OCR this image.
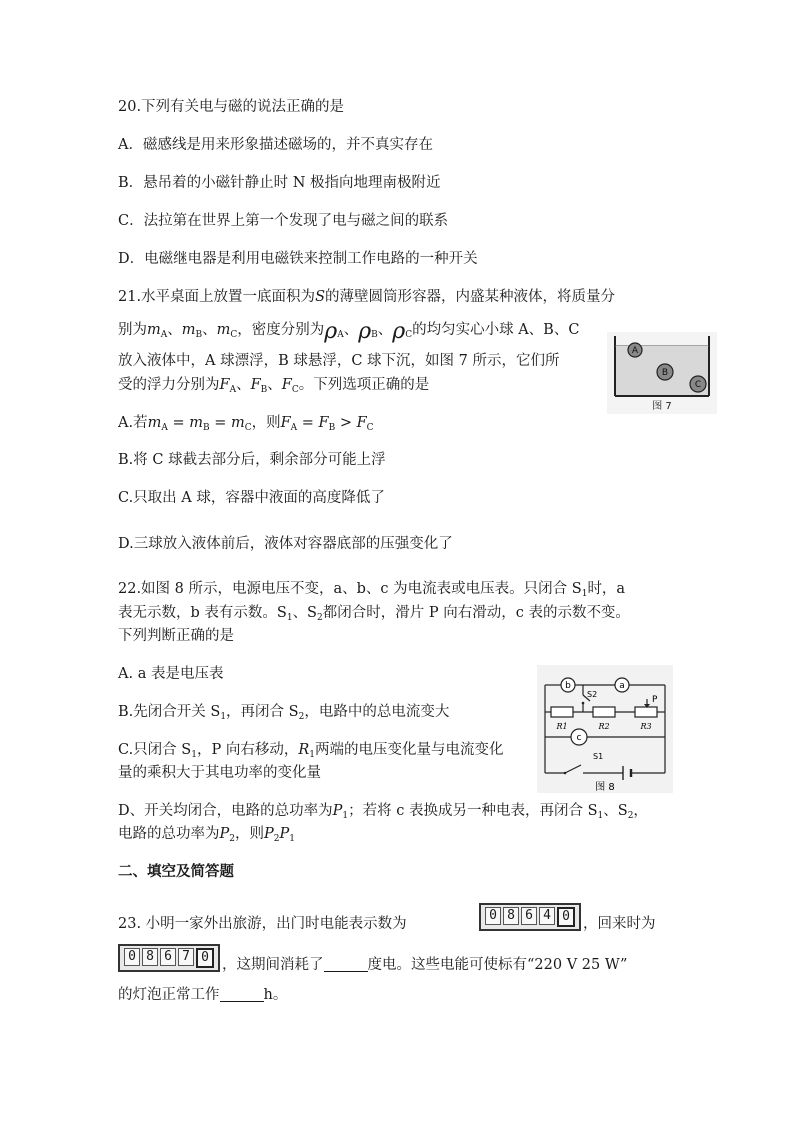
20.下列有关电与磁的说法正确的是
A．磁感线是用来形象描述磁场的，并不真实存在
B．悬吊着的小磁针静止时 N 极指向地理南极附近
C．法拉第在世界上第一个发现了电与磁之间的联系
D．电磁继电器是利用电磁铁来控制工作电路的一种开关
21.水平桌面上放置一底面积为S的薄壁圆筒形容器，内盛某种液体，将质量分
别为$m_A$、$m_B$、$m_C$，密度分别为$\rho_A$、$\rho_B$、$\rho_C$的均匀实心小球 A、B、C
放入液体中，A 球漂浮，B 球悬浮，C 球下沉，如图 7 所示，它们所
受的浮力分别为$F_A$、$F_B$、$F_C$。下列选项正确的是
A
B
C
图 7
A.若$m_A = m_B = m_C$，则$F_A = F_B > F_C$
B.将 C 球截去部分后，剩余部分可能上浮
C.只取出 A 球，容器中液面的高度降低了
D.三球放入液体前后，液体对容器底部的压强变化了
22.如图 8 所示，电源电压不变，a、b、c 为电流表或电压表。只闭合 $S_1$时，a
表无示数，b 表有示数。$S_1$、$S_2$都闭合时，滑片 P 向右滑动，c 表的示数不变。
下列判断正确的是
A. a 表是电压表
B.先闭合开关 $S_1$，再闭合 $S_2$，电路中的总电流变大
C.只闭合 $S_1$，P 向右移动，$R_1$两端的电压变化量与电流变化
量的乘积大于其电功率的变化量
D、开关均闭合，电路的总功率为$P_1$；若将 c 表换成另一种电表，再闭合 $S_1$、$S_2$，
电路的总功率为$P_2$，则$P_2P_1$
b	a
c
R1	R2	R3
P
S2
S1
图 8
二、填空及简答题
23. 小明一家外出旅游，出门时电能表示数为
0 8 6 4 0 ，回来时为
0 8 6 7 0 ，这期间消耗了	度电。这些电能可使标有“220 V 25 W”
的灯泡正常工作	h。
